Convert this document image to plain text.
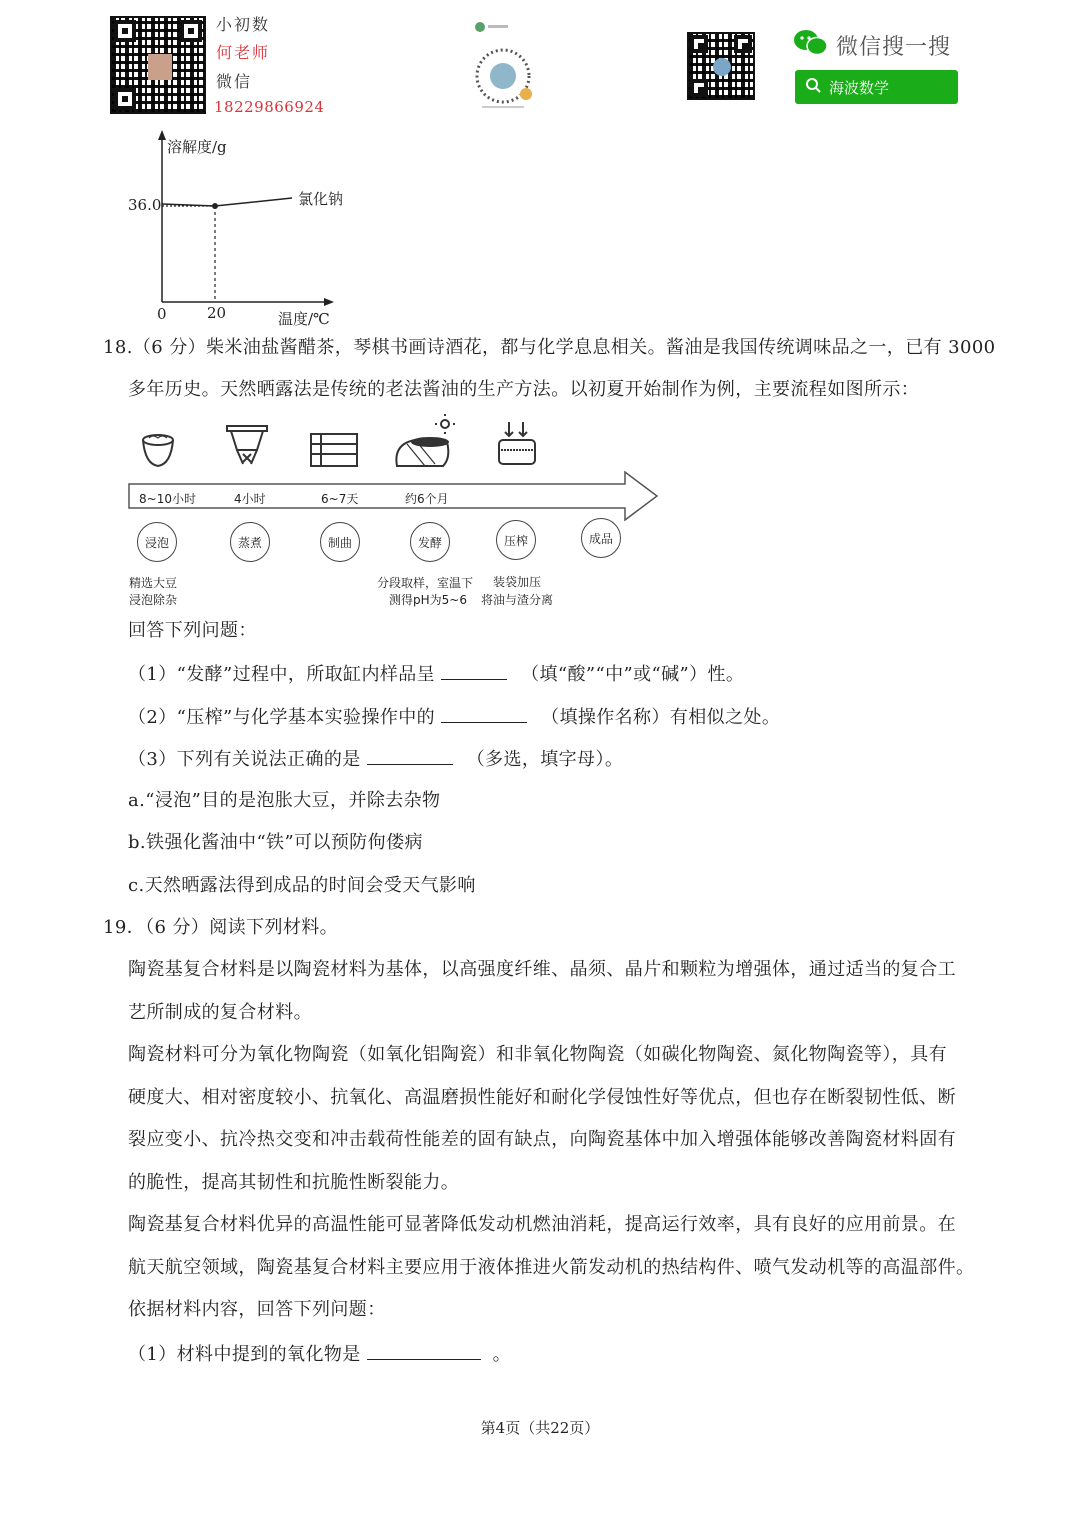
小初数
何老师
微信
18229866924
微信搜一搜
海波数学
溶解度/g
36.0	氯化钠
0	20	温度/℃
18.（6 分）柴米油盐酱醋茶，琴棋书画诗酒花，都与化学息息相关。酱油是我国传统调味品之一，已有 3000
多年历史。天然晒露法是传统的老法酱油的生产方法。以初夏开始制作为例，主要流程如图所示：
8~10小时	4小时	6~7天	约6个月
浸泡	蒸煮	制曲	发酵	压榨	成品
精选大豆
浸泡除杂
分段取样，室温下
测得pH为5~6
装袋加压
将油与渣分离
回答下列问题：
（1）“发酵”过程中，所取缸内样品呈	（填“酸”“中”或“碱”）性。
（2）“压榨”与化学基本实验操作中的	（填操作名称）有相似之处。
（3）下列有关说法正确的是	（多选，填字母）。
a.“浸泡”目的是泡胀大豆，并除去杂物
b.铁强化酱油中“铁”可以预防佝偻病
c.天然晒露法得到成品的时间会受天气影响
19．（6 分）阅读下列材料。
陶瓷基复合材料是以陶瓷材料为基体，以高强度纤维、晶须、晶片和颗粒为增强体，通过适当的复合工
艺所制成的复合材料。
陶瓷材料可分为氧化物陶瓷（如氧化铝陶瓷）和非氧化物陶瓷（如碳化物陶瓷、氮化物陶瓷等），具有
硬度大、相对密度较小、抗氧化、高温磨损性能好和耐化学侵蚀性好等优点，但也存在断裂韧性低、断
裂应变小、抗冷热交变和冲击载荷性能差的固有缺点，向陶瓷基体中加入增强体能够改善陶瓷材料固有
的脆性，提高其韧性和抗脆性断裂能力。
陶瓷基复合材料优异的高温性能可显著降低发动机燃油消耗，提高运行效率，具有良好的应用前景。在
航天航空领域，陶瓷基复合材料主要应用于液体推进火箭发动机的热结构件、喷气发动机等的高温部件。
依据材料内容，回答下列问题：
（1）材料中提到的氧化物是	。
第4页（共22页）
